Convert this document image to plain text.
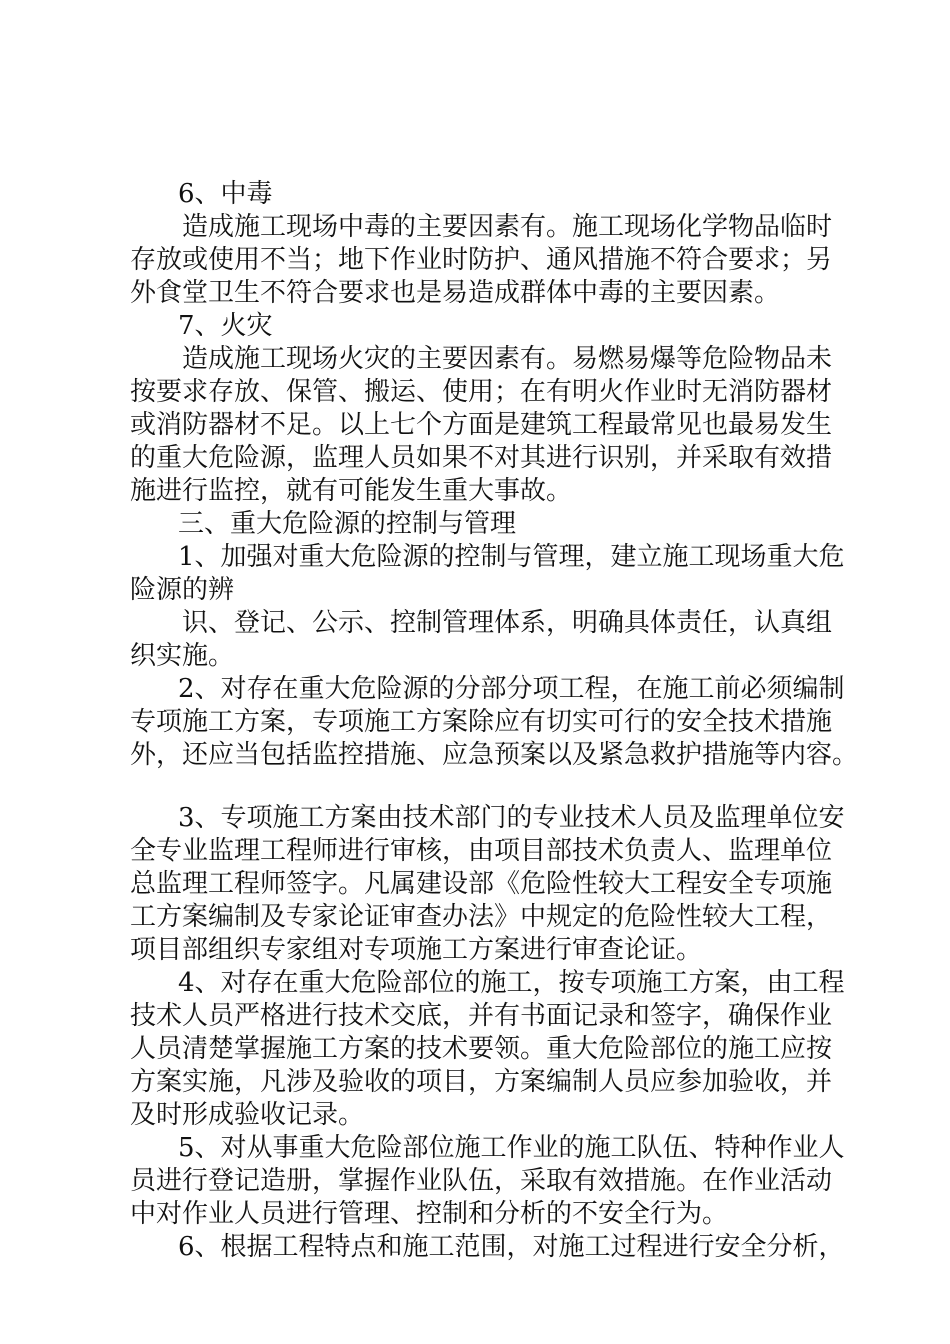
6、中毒

造成施工现场中毒的主要因素有。施工现场化学物品临时

存放或使用不当；地下作业时防护、通风措施不符合要求；另

外食堂卫生不符合要求也是易造成群体中毒的主要因素。

7、火灾

造成施工现场火灾的主要因素有。易燃易爆等危险物品未

按要求存放、保管、搬运、使用；在有明火作业时无消防器材

或消防器材不足。以上七个方面是建筑工程最常见也最易发生

的重大危险源，监理人员如果不对其进行识别，并采取有效措

施进行监控，就有可能发生重大事故。

三、重大危险源的控制与管理

1、加强对重大危险源的控制与管理，建立施工现场重大危

险源的辨

识、登记、公示、控制管理体系，明确具体责任，认真组

织实施。

2、对存在重大危险源的分部分项工程，在施工前必须编制

专项施工方案，专项施工方案除应有切实可行的安全技术措施

外，还应当包括监控措施、应急预案以及紧急救护措施等内容。

3、专项施工方案由技术部门的专业技术人员及监理单位安

全专业监理工程师进行审核，由项目部技术负责人、监理单位

总监理工程师签字。凡属建设部《危险性较大工程安全专项施

工方案编制及专家论证审查办法》中规定的危险性较大工程，

项目部组织专家组对专项施工方案进行审查论证。

4、对存在重大危险部位的施工，按专项施工方案，由工程

技术人员严格进行技术交底，并有书面记录和签字，确保作业

人员清楚掌握施工方案的技术要领。重大危险部位的施工应按

方案实施，凡涉及验收的项目，方案编制人员应参加验收，并

及时形成验收记录。

5、对从事重大危险部位施工作业的施工队伍、特种作业人

员进行登记造册，掌握作业队伍，采取有效措施。在作业活动

中对作业人员进行管理、控制和分析的不安全行为。

6、根据工程特点和施工范围，对施工过程进行安全分析，
